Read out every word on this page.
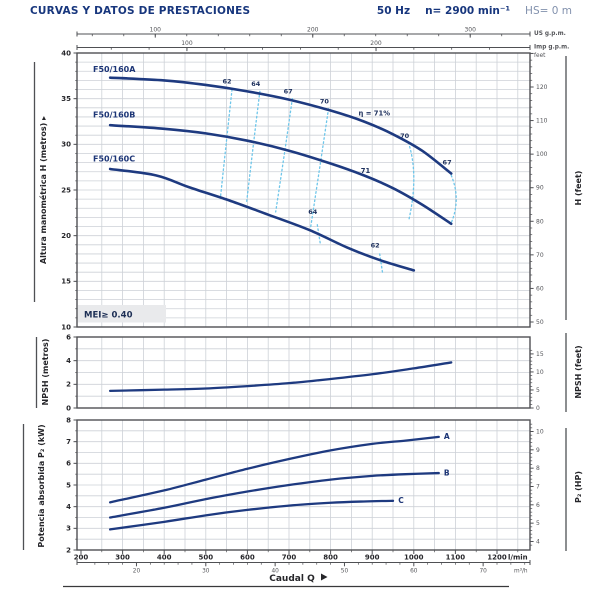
CURVAS Y DATOS DE PRESTACIONES	50 Hz n= 2900 min⁻¹ HS= 0 m
100	200	300
US g.p.m.
100	200
Imp g.p.m.
feet
10
15
20
25
30
35
40
50
60
70
80
90
100
110
120
62	64
67
70
70
67
64
62
F50/160A
F50/160B
F50/160C
η = 71%
71
MEI≥ 0.40
0
2
4
6
0
5
10
15
2
3
4
5
6
7
8
4
5
6
7
8
9
10
A
B
C
200	300	400	500	600	700	800	900	1000	1100	1200 l/min
20	30	40	50	60	70	m³/h
Caudal Q
Altura manométrica H (metros) ▸
NPSH (metros)
Potencia absorbida P₂ (kW)
H (feet)
NPSH (feet)
P₂ (HP)
